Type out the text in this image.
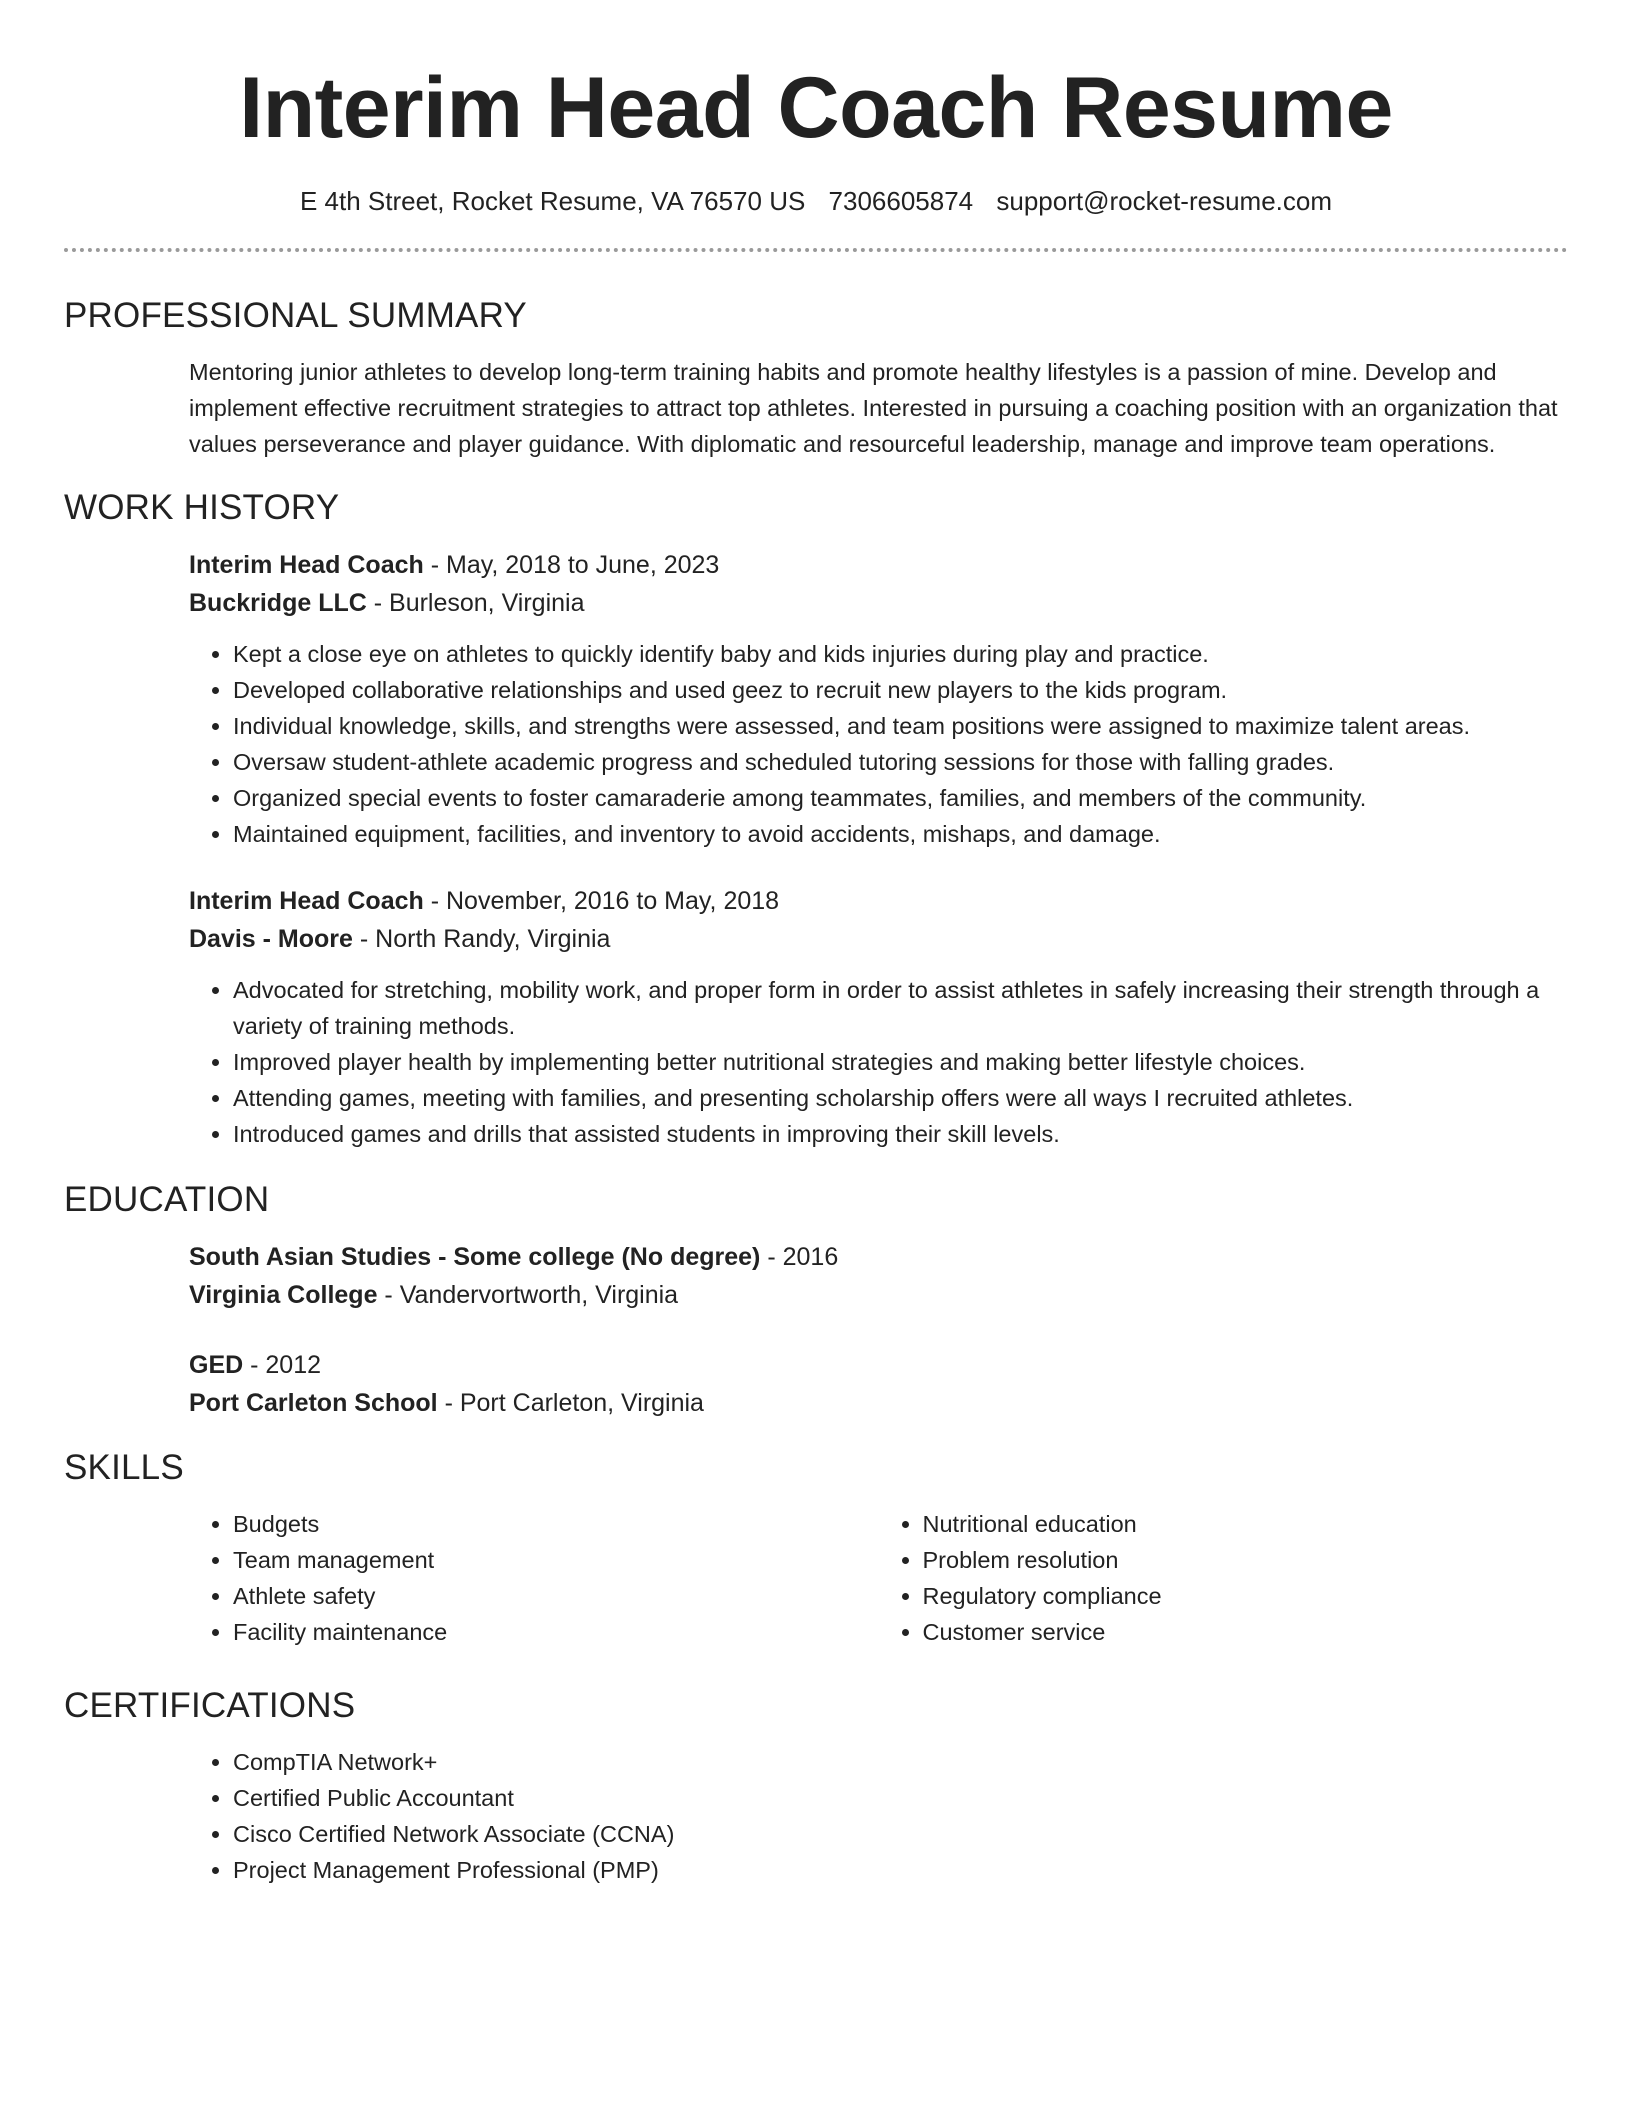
Interim Head Coach Resume
E 4th Street, Rocket Resume, VA 76570 US 7306605874 support@rocket-resume.com
PROFESSIONAL SUMMARY

Mentoring junior athletes to develop long-term training habits and promote healthy lifestyles is a passion of mine. Develop and implement effective recruitment strategies to attract top athletes. Interested in pursuing a coaching position with an organization that values perseverance and player guidance. With diplomatic and resourceful leadership, manage and improve team operations.

WORK HISTORY
Interim Head Coach - May, 2018 to June, 2023
Buckridge LLC - Burleson, Virginia
• Kept a close eye on athletes to quickly identify baby and kids injuries during play and practice.
• Developed collaborative relationships and used geez to recruit new players to the kids program.
• Individual knowledge, skills, and strengths were assessed, and team positions were assigned to maximize talent areas.
• Oversaw student-athlete academic progress and scheduled tutoring sessions for those with falling grades.
• Organized special events to foster camaraderie among teammates, families, and members of the community.
• Maintained equipment, facilities, and inventory to avoid accidents, mishaps, and damage.
Interim Head Coach - November, 2016 to May, 2018
Davis - Moore - North Randy, Virginia
• Advocated for stretching, mobility work, and proper form in order to assist athletes in safely increasing their strength through a variety of training methods.
• Improved player health by implementing better nutritional strategies and making better lifestyle choices.
• Attending games, meeting with families, and presenting scholarship offers were all ways I recruited athletes.
• Introduced games and drills that assisted students in improving their skill levels.
EDUCATION
South Asian Studies - Some college (No degree) - 2016
Virginia College - Vandervortworth, Virginia
GED - 2012
Port Carleton School - Port Carleton, Virginia
SKILLS
• Budgets
• Team management
• Athlete safety
• Facility maintenance
• Nutritional education
• Problem resolution
• Regulatory compliance
• Customer service
CERTIFICATIONS
• CompTIA Network+
• Certified Public Accountant
• Cisco Certified Network Associate (CCNA)
• Project Management Professional (PMP)
